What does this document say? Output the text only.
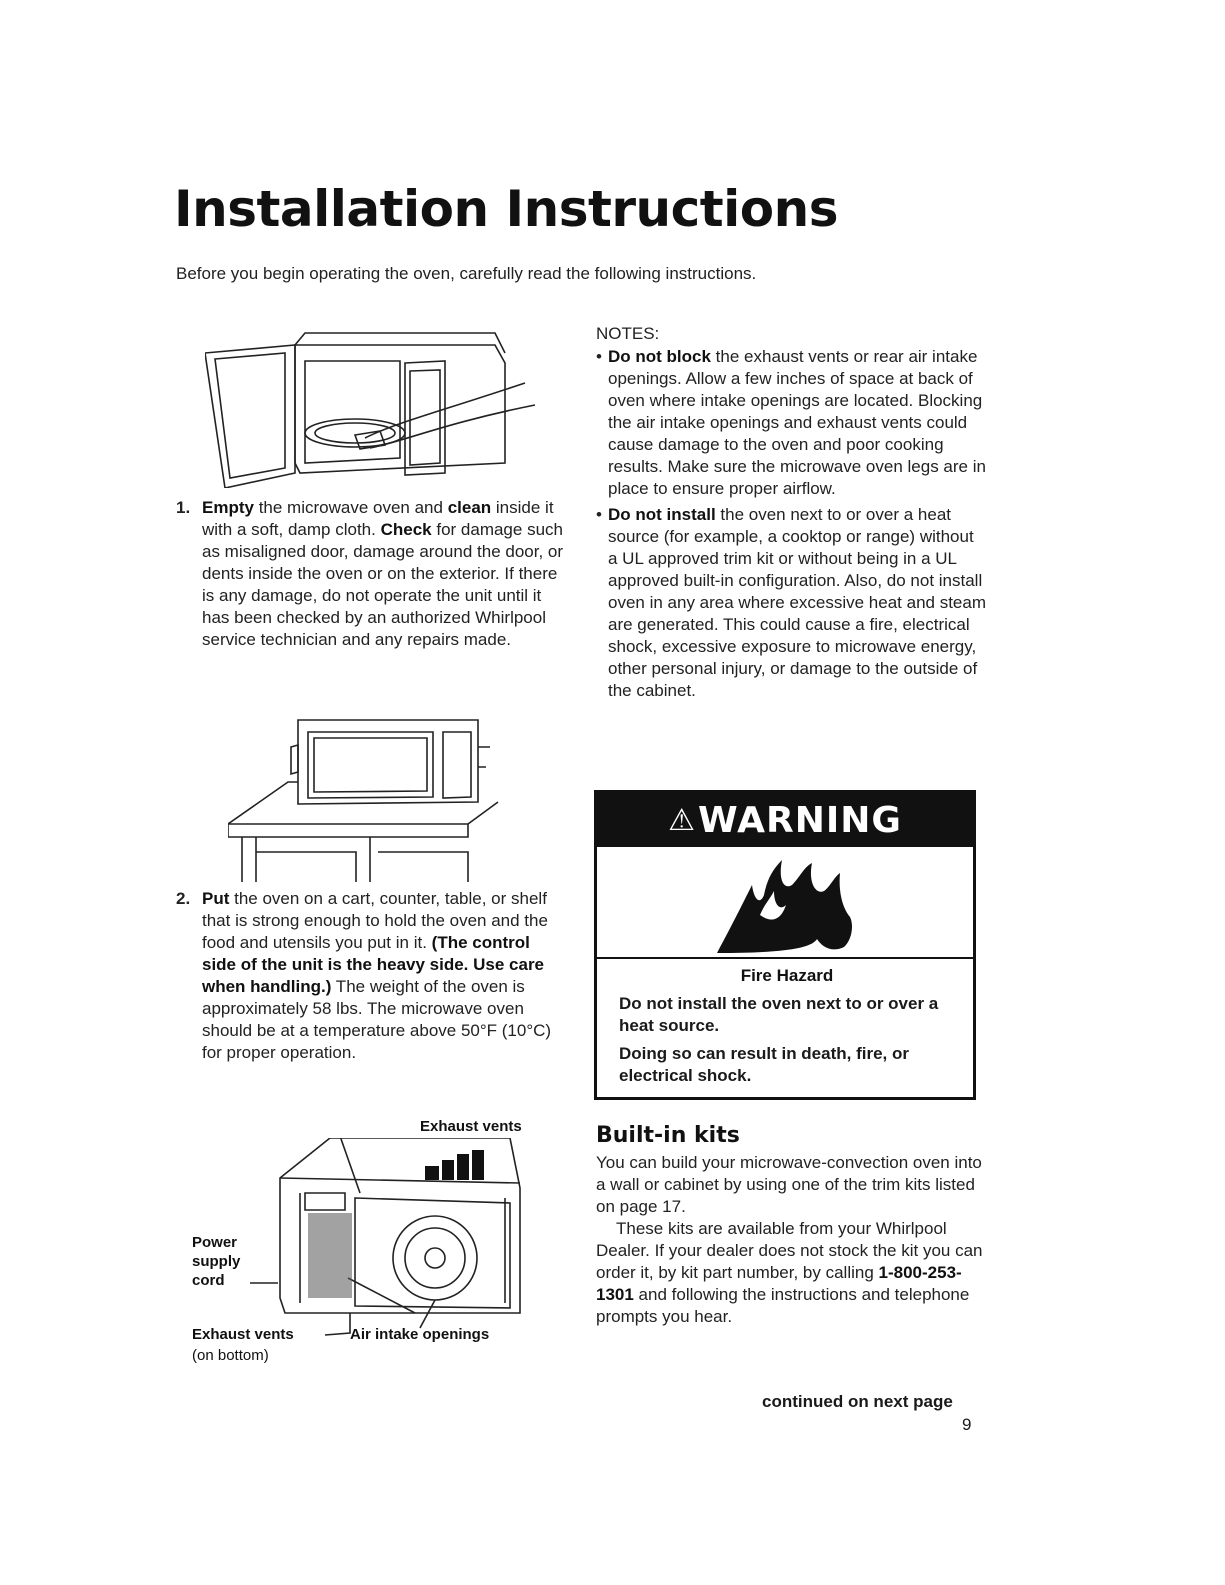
Installation Instructions

Before you begin operating the oven, carefully read the following instructions.

1. Empty the microwave oven and clean inside it with a soft, damp cloth. Check for damage such as misaligned door, damage around the door, or dents inside the oven or on the exterior. If there is any damage, do not operate the unit until it has been checked by an authorized Whirlpool service technician and any repairs made.
2. Put the oven on a cart, counter, table, or shelf that is strong enough to hold the oven and the food and utensils you put in it. (The control side of the unit is the heavy side. Use care when handling.) The weight of the oven is approximately 58 lbs. The microwave oven should be at a temperature above 50°F (10°C) for proper operation.
Exhaust vents
Power
supply
cord
Exhaust vents
(on bottom)
Air intake openings
NOTES:
• Do not block the exhaust vents or rear air intake openings. Allow a few inches of space at back of oven where intake openings are located. Blocking the air intake openings and exhaust vents could cause damage to the oven and poor cooking results. Make sure the microwave oven legs are in place to ensure proper airflow.
• Do not install the oven next to or over a heat source (for example, a cooktop or range) without a UL approved trim kit or without being in a UL approved built-in configuration. Also, do not install oven in any area where excessive heat and steam are generated. This could cause a fire, electrical shock, excessive exposure to microwave energy, other personal injury, or damage to the outside of the cabinet.
⚠ WARNING
Fire Hazard

Do not install the oven next to or over a heat source.

Doing so can result in death, fire, or electrical shock.

Built-in kits

You can build your microwave-convection oven into a wall or cabinet by using one of the trim kits listed on page 17.

These kits are available from your Whirlpool Dealer. If your dealer does not stock the kit you can order it, by kit part number, by calling 1-800-253-1301 and following the instructions and telephone prompts you hear.

continued on next page
9
